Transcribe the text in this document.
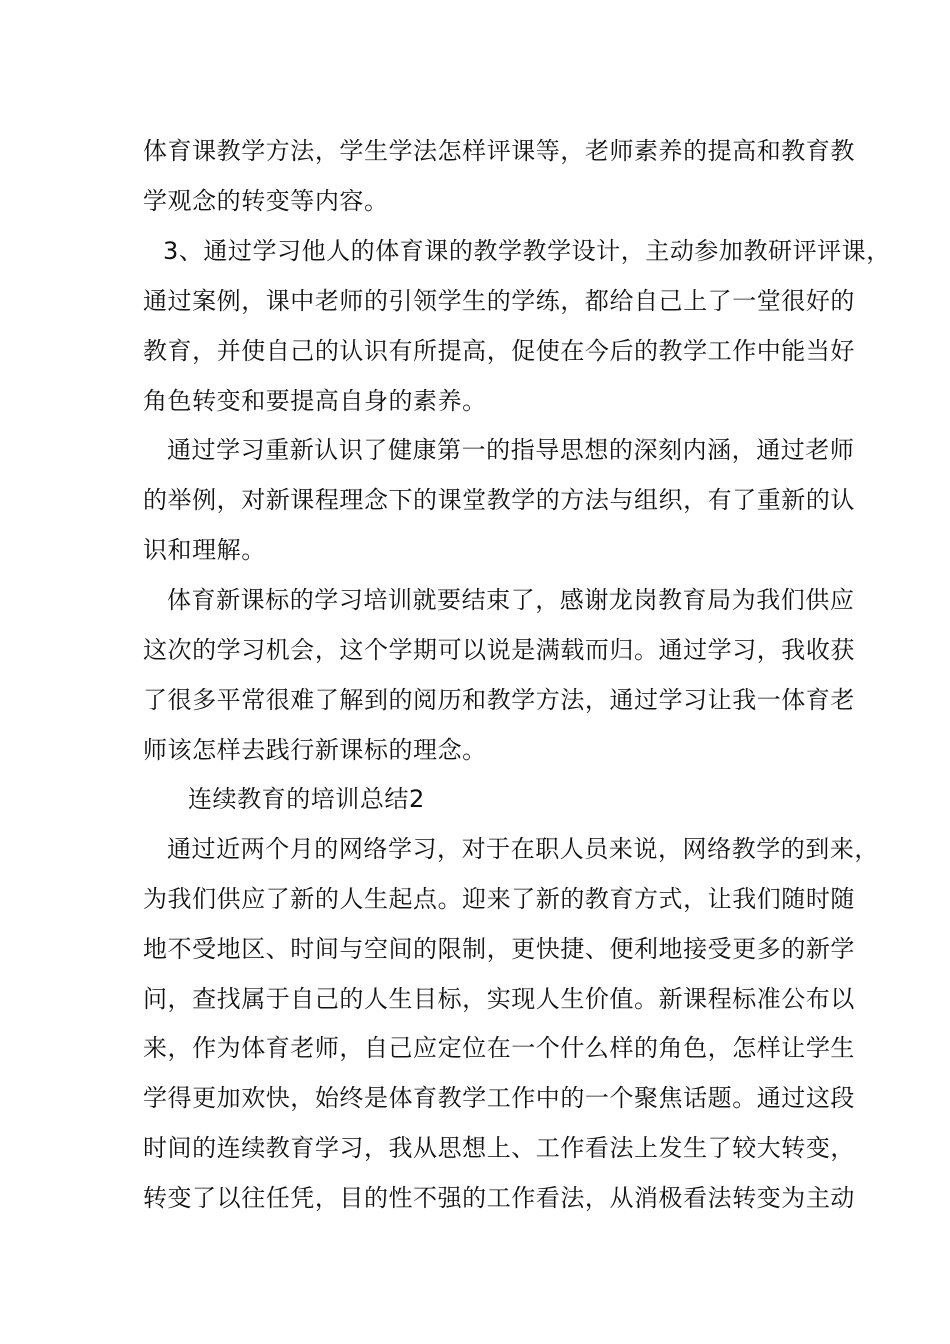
体育课教学方法，学生学法怎样评课等，老师素养的提高和教育教
学观念的转变等内容。
3、通过学习他人的体育课的教学教学设计，主动参加教研评评课，
通过案例，课中老师的引领学生的学练，都给自己上了一堂很好的
教育，并使自己的认识有所提高，促使在今后的教学工作中能当好
角色转变和要提高自身的素养。
通过学习重新认识了健康第一的指导思想的深刻内涵，通过老师
的举例，对新课程理念下的课堂教学的方法与组织，有了重新的认
识和理解。
体育新课标的学习培训就要结束了，感谢龙岗教育局为我们供应
这次的学习机会，这个学期可以说是满载而归。通过学习，我收获
了很多平常很难了解到的阅历和教学方法，通过学习让我一体育老
师该怎样去践行新课标的理念。
连续教育的培训总结2
通过近两个月的网络学习，对于在职人员来说，网络教学的到来，
为我们供应了新的人生起点。迎来了新的教育方式，让我们随时随
地不受地区、时间与空间的限制，更快捷、便利地接受更多的新学
问，查找属于自己的人生目标，实现人生价值。新课程标准公布以
来，作为体育老师，自己应定位在一个什么样的角色，怎样让学生
学得更加欢快，始终是体育教学工作中的一个聚焦话题。通过这段
时间的连续教育学习，我从思想上、工作看法上发生了较大转变，
转变了以往任凭，目的性不强的工作看法，从消极看法转变为主动
